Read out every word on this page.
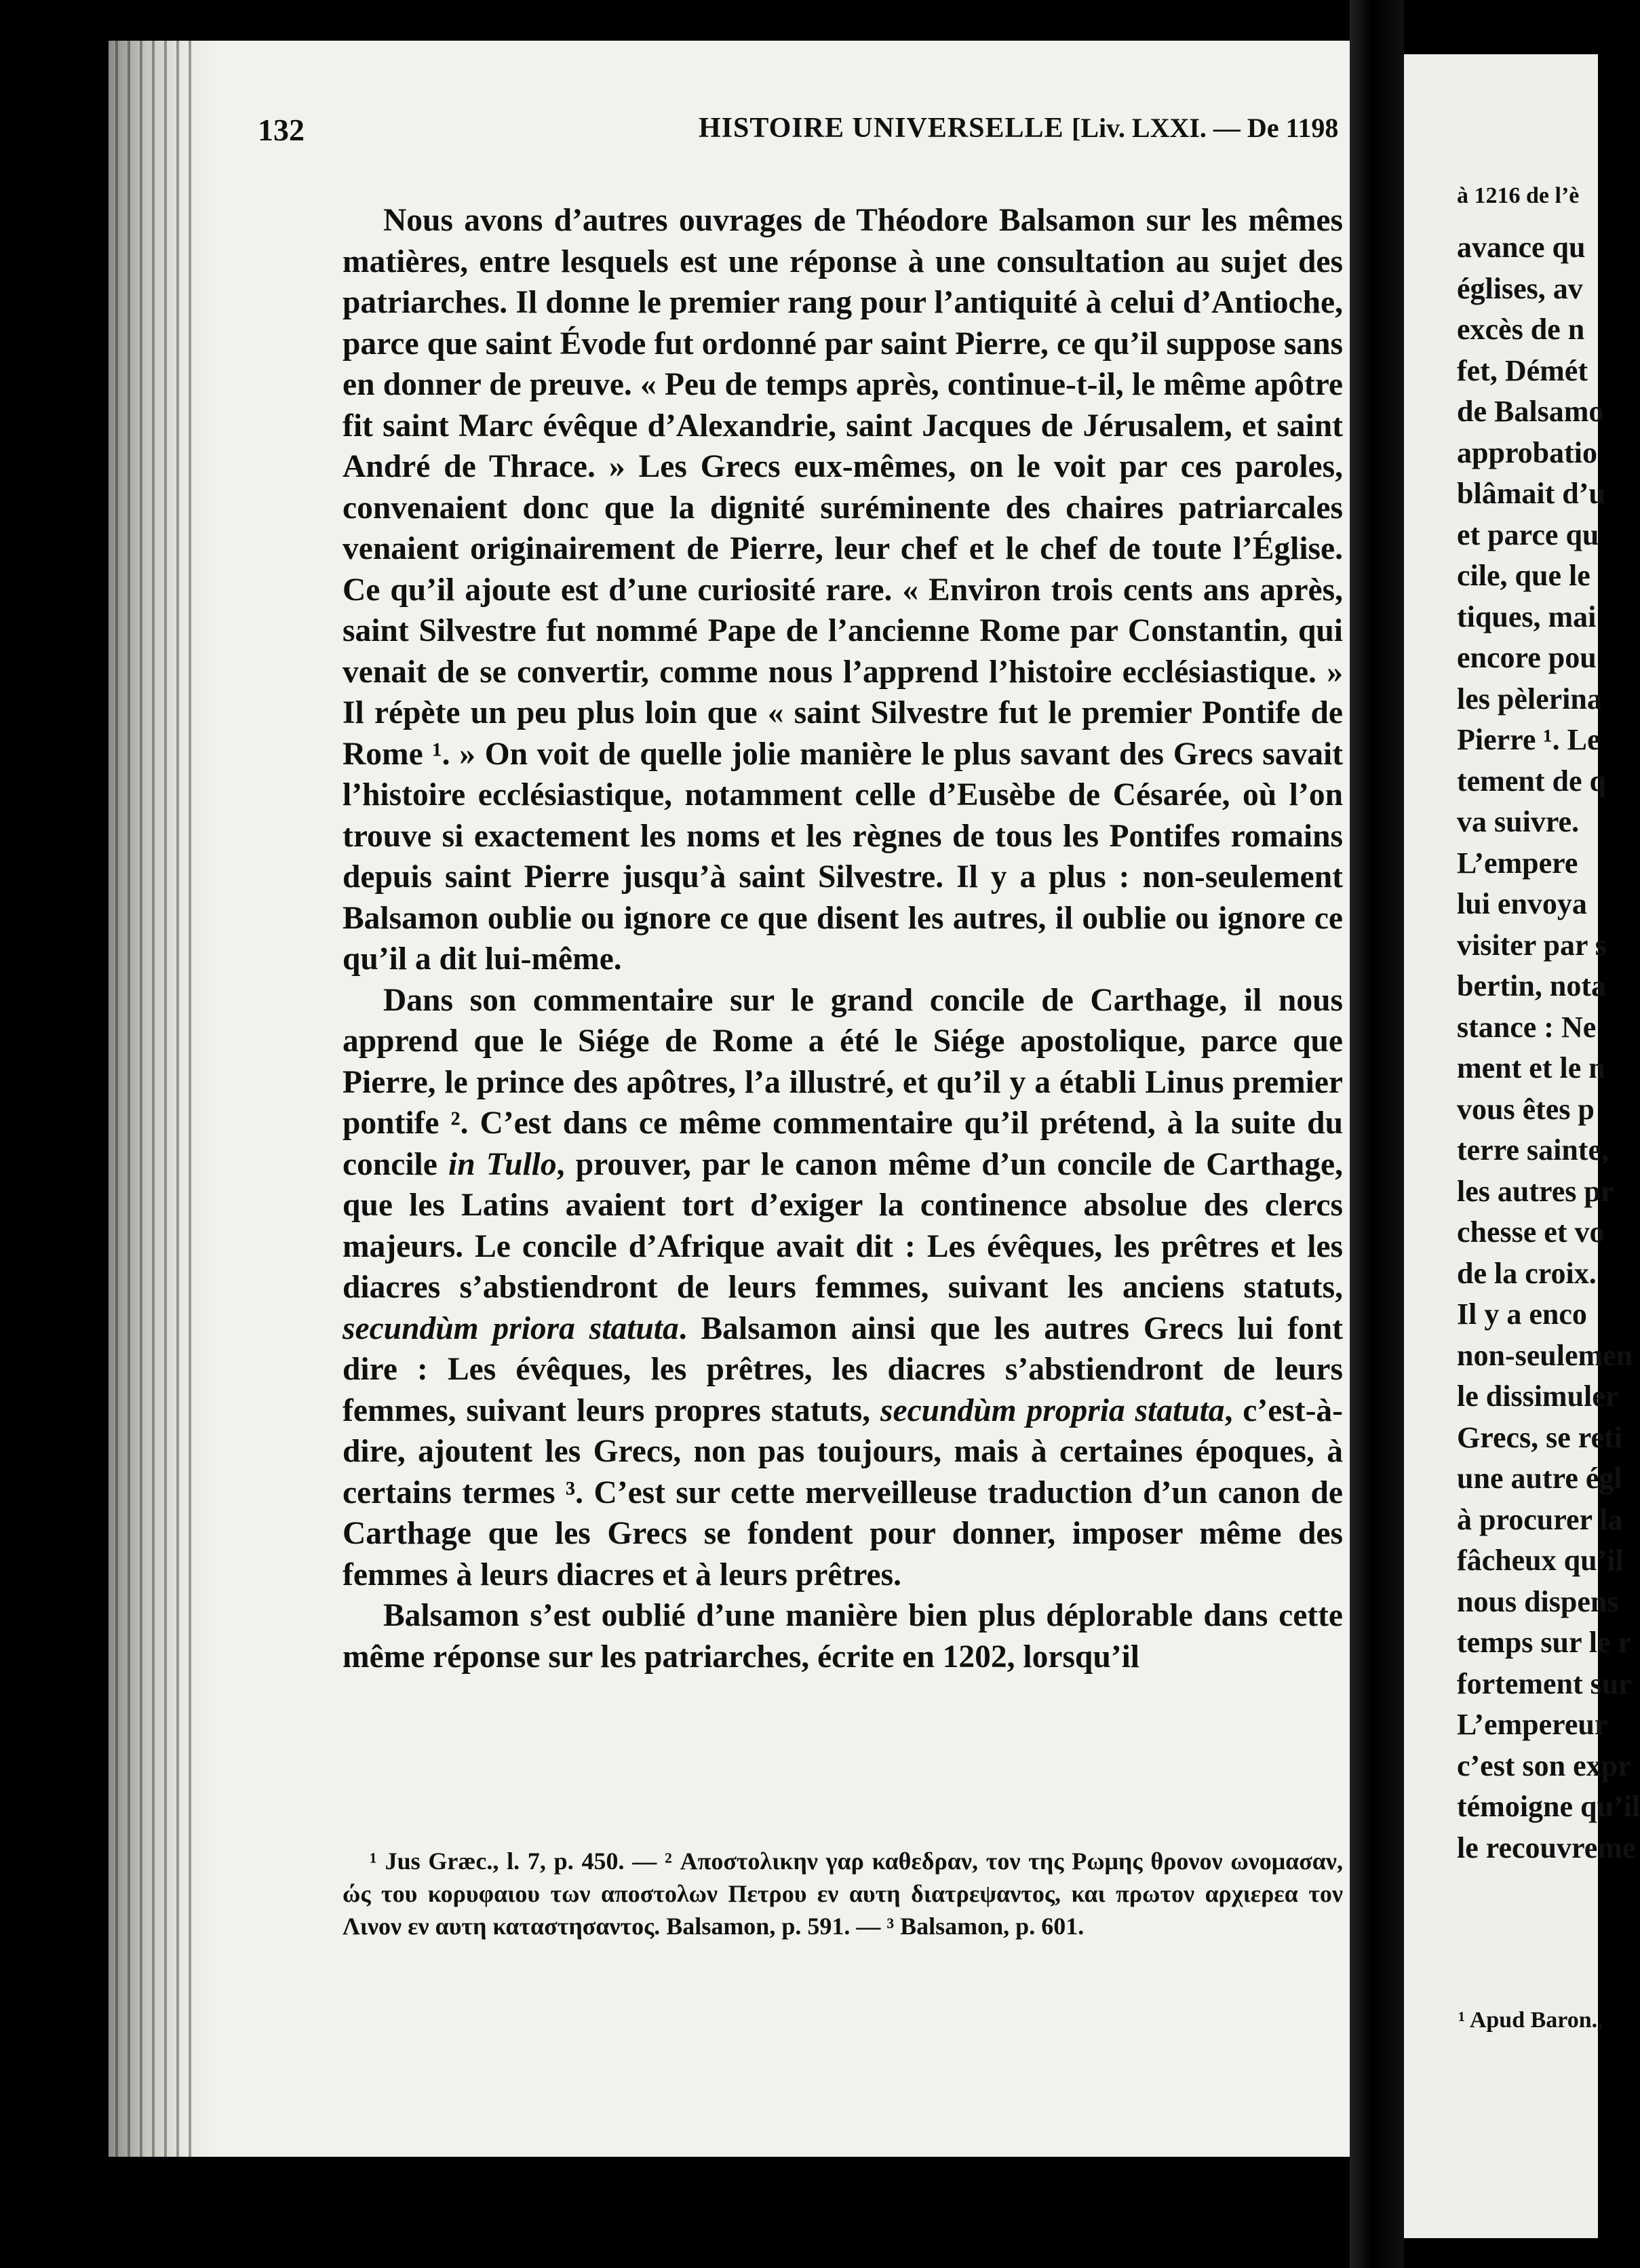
132	HISTOIRE UNIVERSELLE [Liv. LXXI. — De 1198

Nous avons d’autres ouvrages de Théodore Balsamon sur les mêmes matières, entre lesquels est une réponse à une consultation au sujet des patriarches. Il donne le premier rang pour l’antiquité à celui d’Antioche, parce que saint Évode fut ordonné par saint Pierre, ce qu’il suppose sans en donner de preuve. « Peu de temps après, continue-t-il, le même apôtre fit saint Marc évêque d’Alexandrie, saint Jacques de Jérusalem, et saint André de Thrace. » Les Grecs eux-mêmes, on le voit par ces paroles, convenaient donc que la dignité suréminente des chaires patriarcales venaient originairement de Pierre, leur chef et le chef de toute l’Église. Ce qu’il ajoute est d’une curiosité rare. « Environ trois cents ans après, saint Silvestre fut nommé Pape de l’ancienne Rome par Constantin, qui venait de se convertir, comme nous l’apprend l’histoire ecclésiastique. » Il répète un peu plus loin que « saint Silvestre fut le premier Pontife de Rome ¹. » On voit de quelle jolie manière le plus savant des Grecs savait l’histoire ecclésiastique, notamment celle d’Eusèbe de Césarée, où l’on trouve si exactement les noms et les règnes de tous les Pontifes romains depuis saint Pierre jusqu’à saint Silvestre. Il y a plus : non-seulement Balsamon oublie ou ignore ce que disent les autres, il oublie ou ignore ce qu’il a dit lui-même.

Dans son commentaire sur le grand concile de Carthage, il nous apprend que le Siége de Rome a été le Siége apostolique, parce que Pierre, le prince des apôtres, l’a illustré, et qu’il y a établi Linus premier pontife ². C’est dans ce même commentaire qu’il prétend, à la suite du concile in Tullo, prouver, par le canon même d’un concile de Carthage, que les Latins avaient tort d’exiger la continence absolue des clercs majeurs. Le concile d’Afrique avait dit : Les évêques, les prêtres et les diacres s’abstiendront de leurs femmes, suivant les anciens statuts, secundùm priora statuta. Balsamon ainsi que les autres Grecs lui font dire : Les évêques, les prêtres, les diacres s’abstiendront de leurs femmes, suivant leurs propres statuts, secundùm propria statuta, c’est-à-dire, ajoutent les Grecs, non pas toujours, mais à certaines époques, à certains termes ³. C’est sur cette merveilleuse traduction d’un canon de Carthage que les Grecs se fondent pour donner, imposer même des femmes à leurs diacres et à leurs prêtres.

Balsamon s’est oublié d’une manière bien plus déplorable dans cette même réponse sur les patriarches, écrite en 1202, lorsqu’il

¹ Jus Græc., l. 7, p. 450. — ² Αποστολικην γαρ καθεδραν, τον της Ρωμης θρονον ωνομασαν, ώς του κορυφαιου των αποστολων Πετρου εν αυτη διατρεψαντος, και πρωτον αρχιερεα τον Λινον εν αυτη καταστησαντος. Balsamon, p. 591. — ³ Balsamon, p. 601.

à 1216 de l’è
avance qu
églises, av
excès de n
fet, Démét
de Balsamo
approbatio
blâmait d’u
et parce qu
cile, que le
tiques, mai
encore pou
les pèlerina
Pierre ¹. Le
tement de q
va suivre.
L’empere
lui envoya
visiter par s
bertin, nota
stance : Ne
ment et le n
vous êtes p
terre sainte,
les autres pr
chesse et vo
de la croix.
Il y a enco
non-seulemen
le dissimuler
Grecs, se reti
une autre égl
à procurer la
fâcheux qu’il
nous dispens
temps sur le r
fortement sur
L’empereur
c’est son expr
témoigne qu’il
le recouvreme
¹ Apud Baron.,
